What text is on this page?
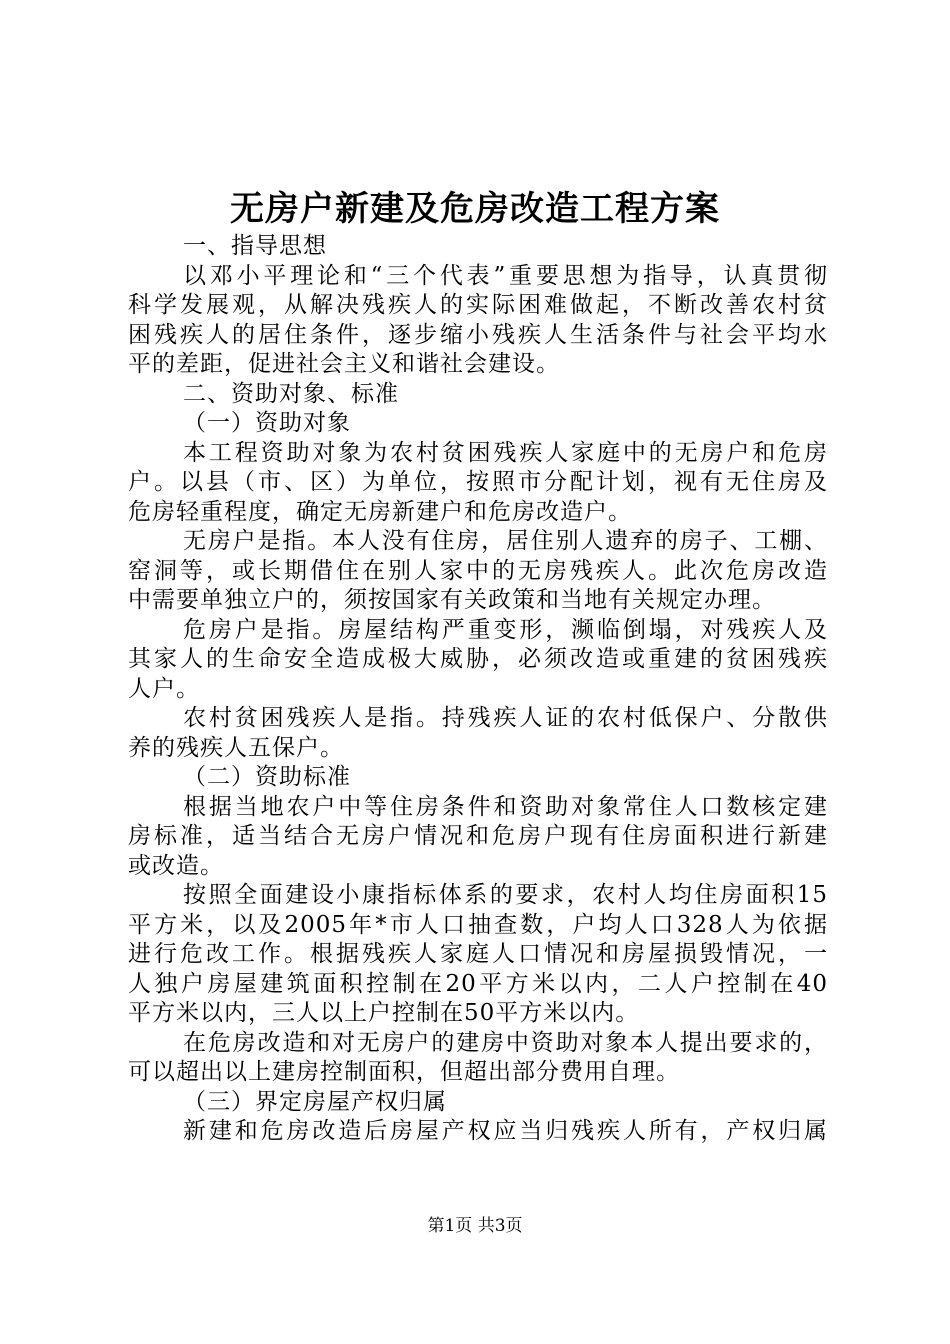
无房户新建及危房改造工程方案
一、指导思想
以邓小平理论和“三个代表”重要思想为指导，认真贯彻
科学发展观，从解决残疾人的实际困难做起，不断改善农村贫
困残疾人的居住条件，逐步缩小残疾人生活条件与社会平均水
平的差距，促进社会主义和谐社会建设。
二、资助对象、标准
（一）资助对象
本工程资助对象为农村贫困残疾人家庭中的无房户和危房
户。以县（市、区）为单位，按照市分配计划，视有无住房及
危房轻重程度，确定无房新建户和危房改造户。
无房户是指。本人没有住房，居住别人遗弃的房子、工棚、
窑洞等，或长期借住在别人家中的无房残疾人。此次危房改造
中需要单独立户的，须按国家有关政策和当地有关规定办理。
危房户是指。房屋结构严重变形，濒临倒塌，对残疾人及
其家人的生命安全造成极大威胁，必须改造或重建的贫困残疾
人户。
农村贫困残疾人是指。持残疾人证的农村低保户、分散供
养的残疾人五保户。
（二）资助标准
根据当地农户中等住房条件和资助对象常住人口数核定建
房标准，适当结合无房户情况和危房户现有住房面积进行新建
或改造。
按照全面建设小康指标体系的要求，农村人均住房面积15
平方米，以及2005年*市人口抽查数，户均人口328人为依据
进行危改工作。根据残疾人家庭人口情况和房屋损毁情况，一
人独户房屋建筑面积控制在20平方米以内，二人户控制在40
平方米以内，三人以上户控制在50平方米以内。
在危房改造和对无房户的建房中资助对象本人提出要求的，
可以超出以上建房控制面积，但超出部分费用自理。
（三）界定房屋产权归属
新建和危房改造后房屋产权应当归残疾人所有，产权归属
第1页 共3页
